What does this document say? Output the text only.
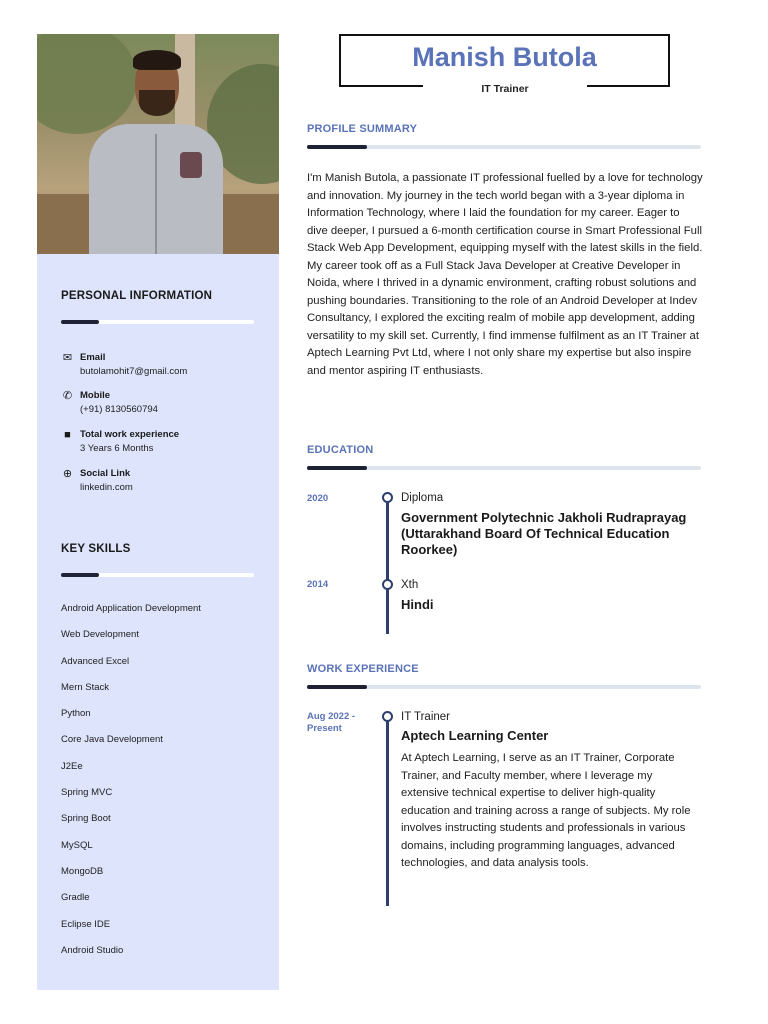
PERSONAL INFORMATION
✉ Email
butolamohit7@gmail.com
✆ Mobile
(+91) 8130560794
■ Total work experience
3 Years 6 Months
⊕ Social Link
linkedin.com
KEY SKILLS
Android Application Development
Web Development
Advanced Excel
Mern Stack
Python
Core Java Development
J2Ee
Spring MVC
Spring Boot
MySQL
MongoDB
Gradle
Eclipse IDE
Android Studio
Manish Butola
IT Trainer
PROFILE SUMMARY
I'm Manish Butola, a passionate IT professional fuelled by a love for technology and innovation. My journey in the tech world began with a 3-year diploma in Information Technology, where I laid the foundation for my career. Eager to dive deeper, I pursued a 6-month certification course in Smart Professional Full Stack Web App Development, equipping myself with the latest skills in the field. My career took off as a Full Stack Java Developer at Creative Developer in Noida, where I thrived in a dynamic environment, crafting robust solutions and pushing boundaries. Transitioning to the role of an Android Developer at Indev Consultancy, I explored the exciting realm of mobile app development, adding versatility to my skill set. Currently, I find immense fulfilment as an IT Trainer at Aptech Learning Pvt Ltd, where I not only share my expertise but also inspire and mentor aspiring IT enthusiasts.
EDUCATION
2020	Diploma
Government Polytechnic Jakholi Rudraprayag (Uttarakhand Board Of Technical Education Roorkee)
2014	Xth
Hindi
WORK EXPERIENCE
Aug 2022 -
Present
IT Trainer
Aptech Learning Center
At Aptech Learning, I serve as an IT Trainer, Corporate Trainer, and Faculty member, where I leverage my extensive technical expertise to deliver high-quality education and training across a range of subjects. My role involves instructing students and professionals in various domains, including programming languages, advanced technologies, and data analysis tools.
